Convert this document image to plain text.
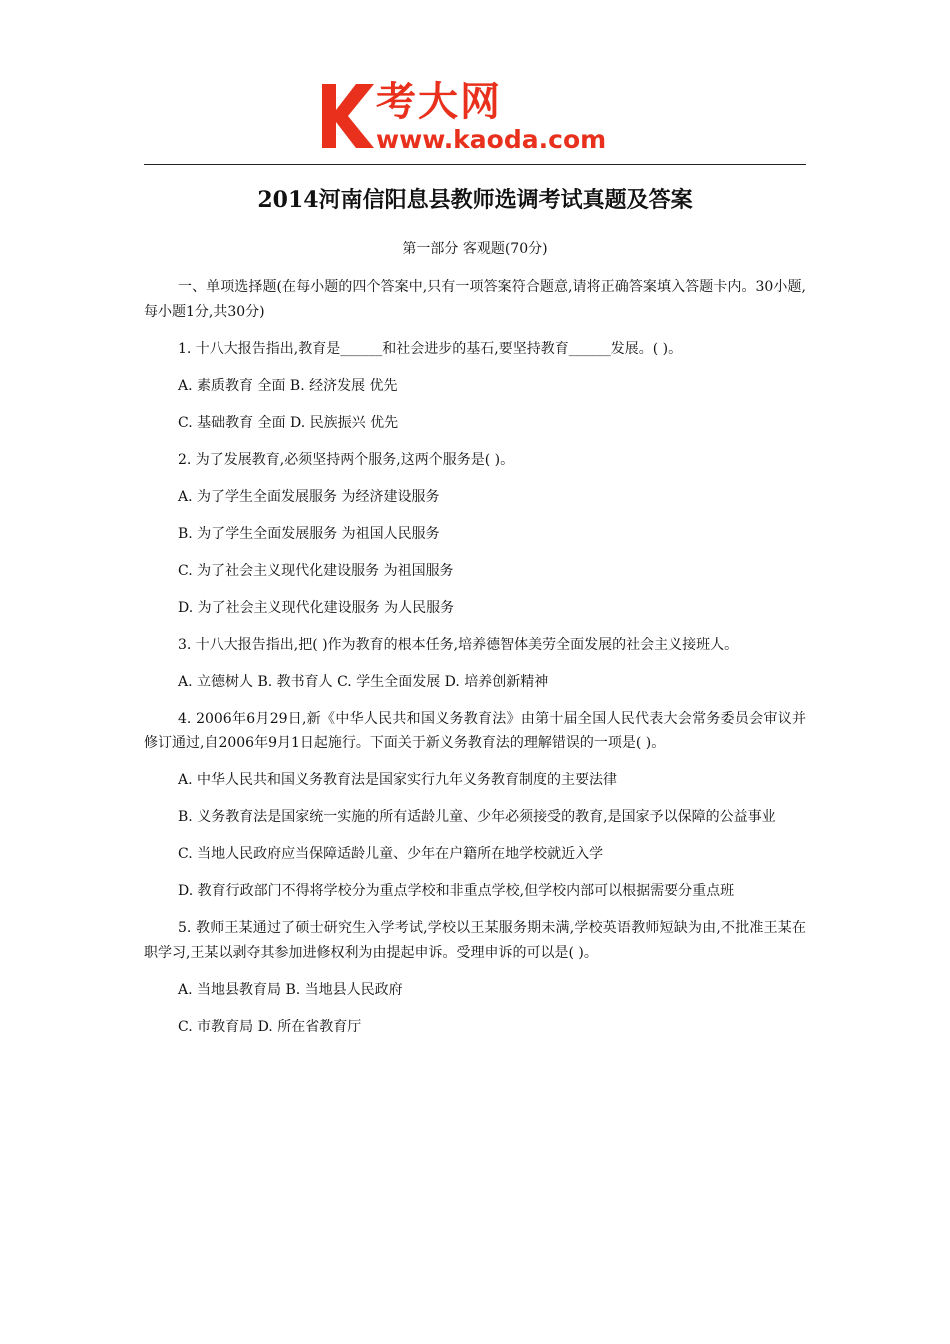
考大网
www.kaoda.com
2014河南信阳息县教师选调考试真题及答案
第一部分 客观题(70分)

一、单项选择题(在每小题的四个答案中,只有一项答案符合题意,请将正确答案填入答题卡内。30小题,每小题1分,共30分)

1. 十八大报告指出,教育是______和社会进步的基石,要坚持教育______发展。( )。

A. 素质教育 全面 B. 经济发展 优先

C. 基础教育 全面 D. 民族振兴 优先

2. 为了发展教育,必须坚持两个服务,这两个服务是( )。

A. 为了学生全面发展服务 为经济建设服务

B. 为了学生全面发展服务 为祖国人民服务

C. 为了社会主义现代化建设服务 为祖国服务

D. 为了社会主义现代化建设服务 为人民服务

3. 十八大报告指出,把( )作为教育的根本任务,培养德智体美劳全面发展的社会主义接班人。

A. 立德树人 B. 教书育人 C. 学生全面发展 D. 培养创新精神

4. 2006年6月29日,新《中华人民共和国义务教育法》由第十届全国人民代表大会常务委员会审议并修订通过,自2006年9月1日起施行。下面关于新义务教育法的理解错误的一项是( )。

A. 中华人民共和国义务教育法是国家实行九年义务教育制度的主要法律

B. 义务教育法是国家统一实施的所有适龄儿童、少年必须接受的教育,是国家予以保障的公益事业

C. 当地人民政府应当保障适龄儿童、少年在户籍所在地学校就近入学

D. 教育行政部门不得将学校分为重点学校和非重点学校,但学校内部可以根据需要分重点班

5. 教师王某通过了硕士研究生入学考试,学校以王某服务期未满,学校英语教师短缺为由,不批准王某在职学习,王某以剥夺其参加进修权利为由提起申诉。受理申诉的可以是( )。

A. 当地县教育局 B. 当地县人民政府

C. 市教育局 D. 所在省教育厅
